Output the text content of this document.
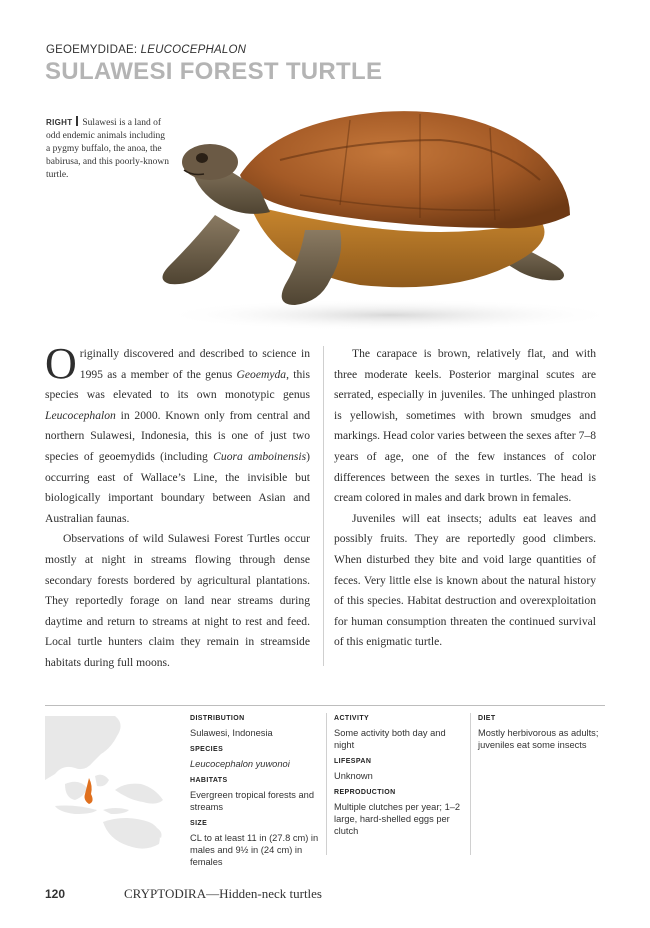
GEOEMYDIDAE: LEUCOCEPHALON
SULAWESI FOREST TURTLE
RIGHT Sulawesi is a land of odd endemic animals including a pygmy buffalo, the anoa, the babirusa, and this poorly-known turtle.

Originally discovered and described to science in 1995 as a member of the genus Geoemyda, this species was elevated to its own monotypic genus Leucocephalon in 2000. Known only from central and northern Sulawesi, Indonesia, this is one of just two species of geoemydids (including Cuora amboinensis) occurring east of Wallace’s Line, the invisible but biologically important boundary between Asian and Australian faunas.

Observations of wild Sulawesi Forest Turtles occur mostly at night in streams flowing through dense secondary forests bordered by agricultural plantations. They reportedly forage on land near streams during daytime and return to streams at night to rest and feed. Local turtle hunters claim they remain in streamside habitats during full moons.

The carapace is brown, relatively flat, and with three moderate keels. Posterior marginal scutes are serrated, especially in juveniles. The unhinged plastron is yellowish, sometimes with brown smudges and markings. Head color varies between the sexes after 7–8 years of age, one of the few instances of color differences between the sexes in turtles. The head is cream colored in males and dark brown in females.

Juveniles will eat insects; adults eat leaves and possibly fruits. They are reportedly good climbers. When disturbed they bite and void large quantities of feces. Very little else is known about the natural history of this species. Habitat destruction and overexploitation for human consumption threaten the continued survival of this enigmatic turtle.

DISTRIBUTION
Sulawesi, Indonesia
SPECIES
Leucocephalon yuwonoi
HABITATS
Evergreen tropical forests and streams
SIZE
CL to at least 11 in (27.8 cm) in males and 9½ in (24 cm) in females
ACTIVITY
Some activity both day and night
LIFESPAN
Unknown
REPRODUCTION
Multiple clutches per year; 1–2 large, hard-shelled eggs per clutch
DIET
Mostly herbivorous as adults; juveniles eat some insects
120	CRYPTODIRA—Hidden-neck turtles
